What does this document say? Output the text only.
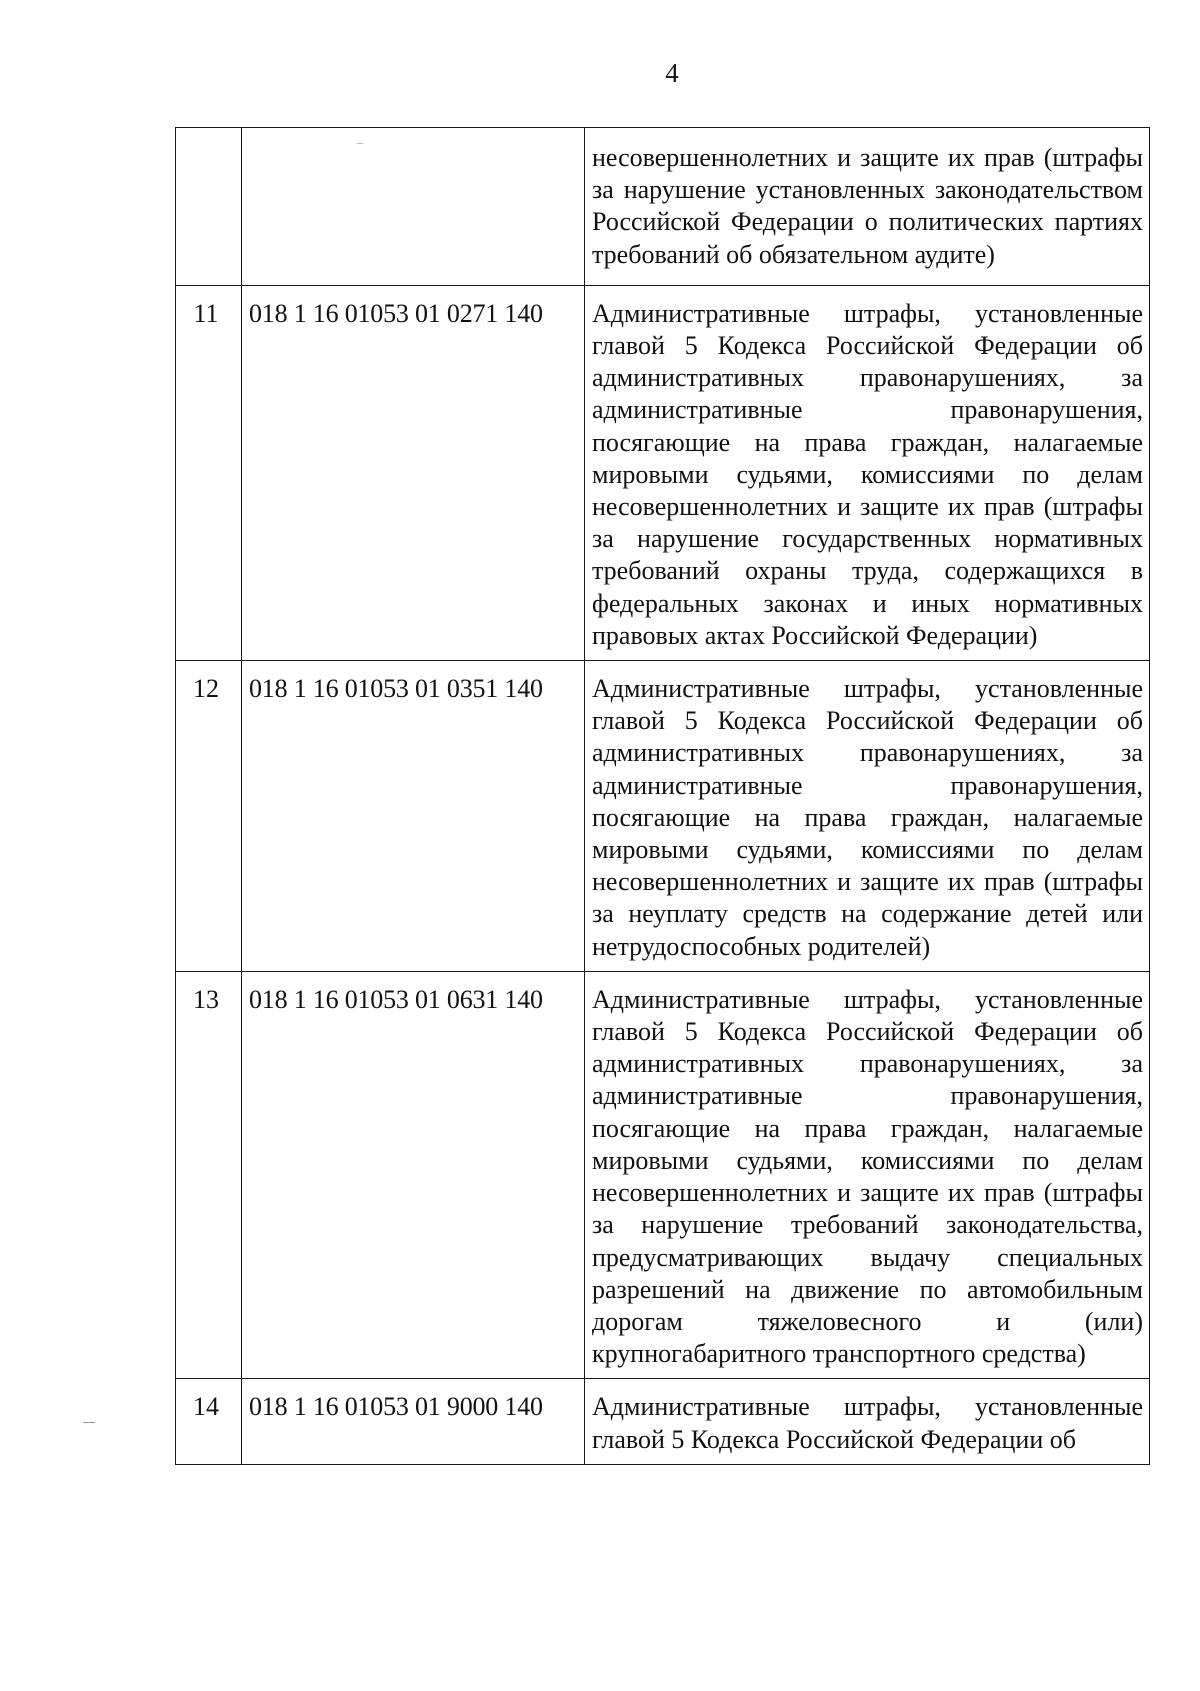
4
		несовершеннолетних и защите их прав (штрафы за нарушение установленных законодательством Российской Федерации о политических партиях требований об обязательном аудите)
11	018 1 16 01053 01 0271 140	Административные штрафы, установленные главой 5 Кодекса Российской Федерации об административных правонарушениях, за административные правонарушения, посягающие на права граждан, налагаемые мировыми судьями, комиссиями по делам несовершеннолетних и защите их прав (штрафы за нарушение государственных нормативных требований охраны труда, содержащихся в федеральных законах и иных нормативных правовых актах Российской Федерации)
12	018 1 16 01053 01 0351 140	Административные штрафы, установленные главой 5 Кодекса Российской Федерации об административных правонарушениях, за административные правонарушения, посягающие на права граждан, налагаемые мировыми судьями, комиссиями по делам несовершеннолетних и защите их прав (штрафы за неуплату средств на содержание детей или нетрудоспособных родителей)
13	018 1 16 01053 01 0631 140	Административные штрафы, установленные главой 5 Кодекса Российской Федерации об административных правонарушениях, за административные правонарушения, посягающие на права граждан, налагаемые мировыми судьями, комиссиями по делам несовершеннолетних и защите их прав (штрафы за нарушение требований законодательства, предусматривающих выдачу специальных разрешений на движение по автомобильным дорогам тяжеловесного и (или) крупногабаритного транспортного средства)
14	018 1 16 01053 01 9000 140	Административные штрафы, установленные главой 5 Кодекса Российской Федерации об
